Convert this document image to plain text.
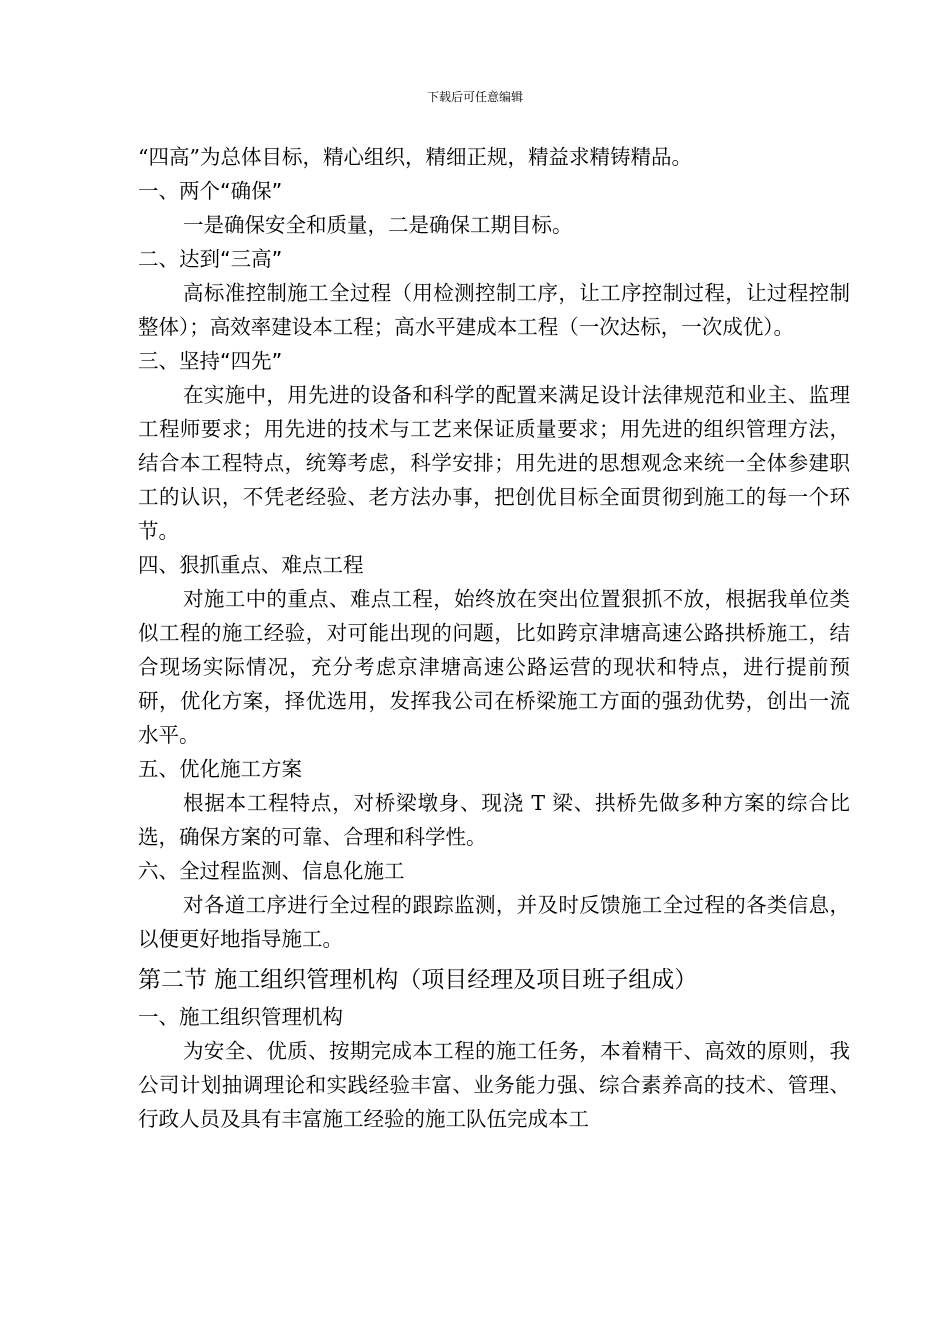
下载后可任意编辑

“四高”为总体目标，精心组织，精细正规，精益求精铸精品。

一、两个“确保”

一是确保安全和质量，二是确保工期目标。

二、达到“三高”

高标准控制施工全过程（用检测控制工序，让工序控制过程，让过程控制整体）；高效率建设本工程；高水平建成本工程（一次达标，一次成优）。

三、坚持“四先”

在实施中，用先进的设备和科学的配置来满足设计法律规范和业主、监理工程师要求；用先进的技术与工艺来保证质量要求；用先进的组织管理方法，结合本工程特点，统筹考虑，科学安排；用先进的思想观念来统一全体参建职工的认识，不凭老经验、老方法办事，把创优目标全面贯彻到施工的每一个环节。

四、狠抓重点、难点工程

对施工中的重点、难点工程，始终放在突出位置狠抓不放，根据我单位类似工程的施工经验，对可能出现的问题，比如跨京津塘高速公路拱桥施工，结合现场实际情况，充分考虑京津塘高速公路运营的现状和特点，进行提前预研，优化方案，择优选用，发挥我公司在桥梁施工方面的强劲优势，创出一流水平。

五、优化施工方案

根据本工程特点，对桥梁墩身、现浇 T 梁、拱桥先做多种方案的综合比选，确保方案的可靠、合理和科学性。

六、全过程监测、信息化施工

对各道工序进行全过程的跟踪监测，并及时反馈施工全过程的各类信息，以便更好地指导施工。

第二节 施工组织管理机构（项目经理及项目班子组成）
一、施工组织管理机构

为安全、优质、按期完成本工程的施工任务，本着精干、高效的原则，我公司计划抽调理论和实践经验丰富、业务能力强、综合素养高的技术、管理、行政人员及具有丰富施工经验的施工队伍完成本工
